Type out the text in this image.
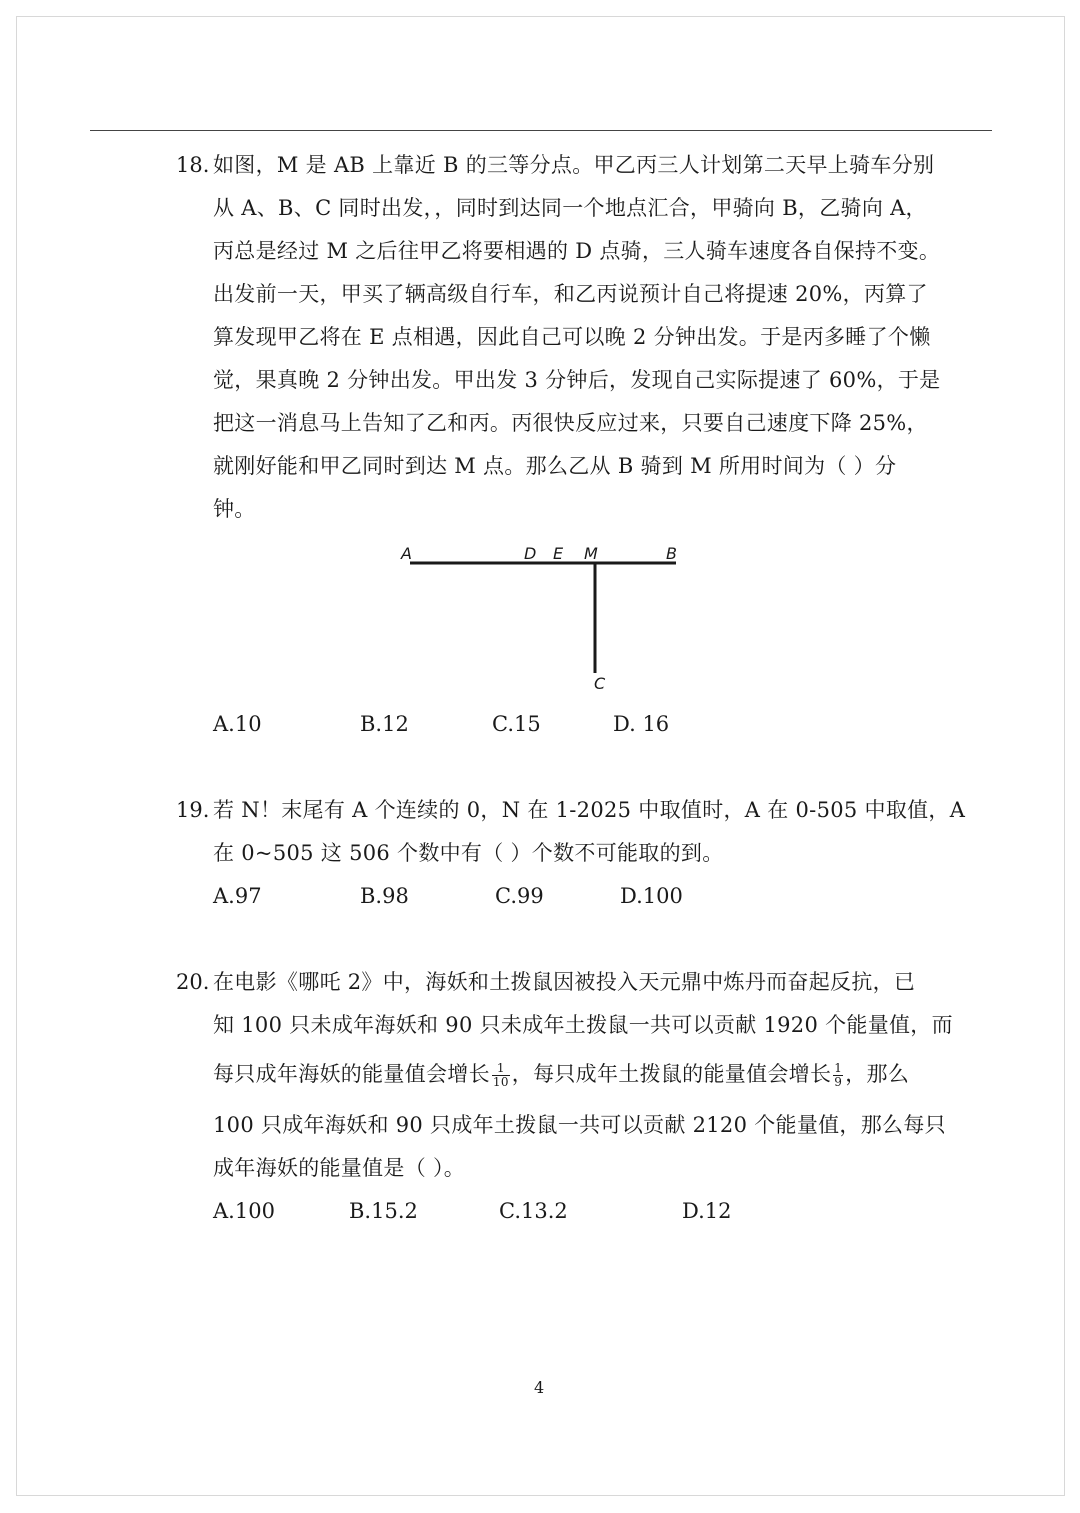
18. 如图，M 是 AB 上靠近 B 的三等分点。甲乙丙三人计划第二天早上骑车分别
从 A、B、C 同时出发，，同时到达同一个地点汇合，甲骑向 B，乙骑向 A，
丙总是经过 M 之后往甲乙将要相遇的 D 点骑，三人骑车速度各自保持不变。
出发前一天，甲买了辆高级自行车，和乙丙说预计自己将提速 20%，丙算了
算发现甲乙将在 E 点相遇，因此自己可以晚 2 分钟出发。于是丙多睡了个懒
觉，果真晚 2 分钟出发。甲出发 3 分钟后，发现自己实际提速了 60%，于是
把这一消息马上告知了乙和丙。丙很快反应过来，只要自己速度下降 25%，
就刚好能和甲乙同时到达 M 点。那么乙从 B 骑到 M 所用时间为（ ）分
钟。
A	D E M	B
C
A.10	B.12	C.15	D. 16
19. 若 N！末尾有 A 个连续的 0，N 在 1-2025 中取值时，A 在 0-505 中取值，A
在 0~505 这 506 个数中有（ ）个数不可能取的到。
A.97	B.98	C.99	D.100
20. 在电影《哪吒 2》中，海妖和土拨鼠因被投入天元鼎中炼丹而奋起反抗，已
知 100 只未成年海妖和 90 只未成年土拨鼠一共可以贡献 1920 个能量值，而
每只成年海妖的能量值会增长 $\frac{1}{10}$ ，每只成年土拨鼠的能量值会增长 $\frac{1}{9}$ ，那么
100 只成年海妖和 90 只成年土拨鼠一共可以贡献 2120 个能量值，那么每只
成年海妖的能量值是（ ）。
A.100	B.15.2	C.13.2	D.12
4
